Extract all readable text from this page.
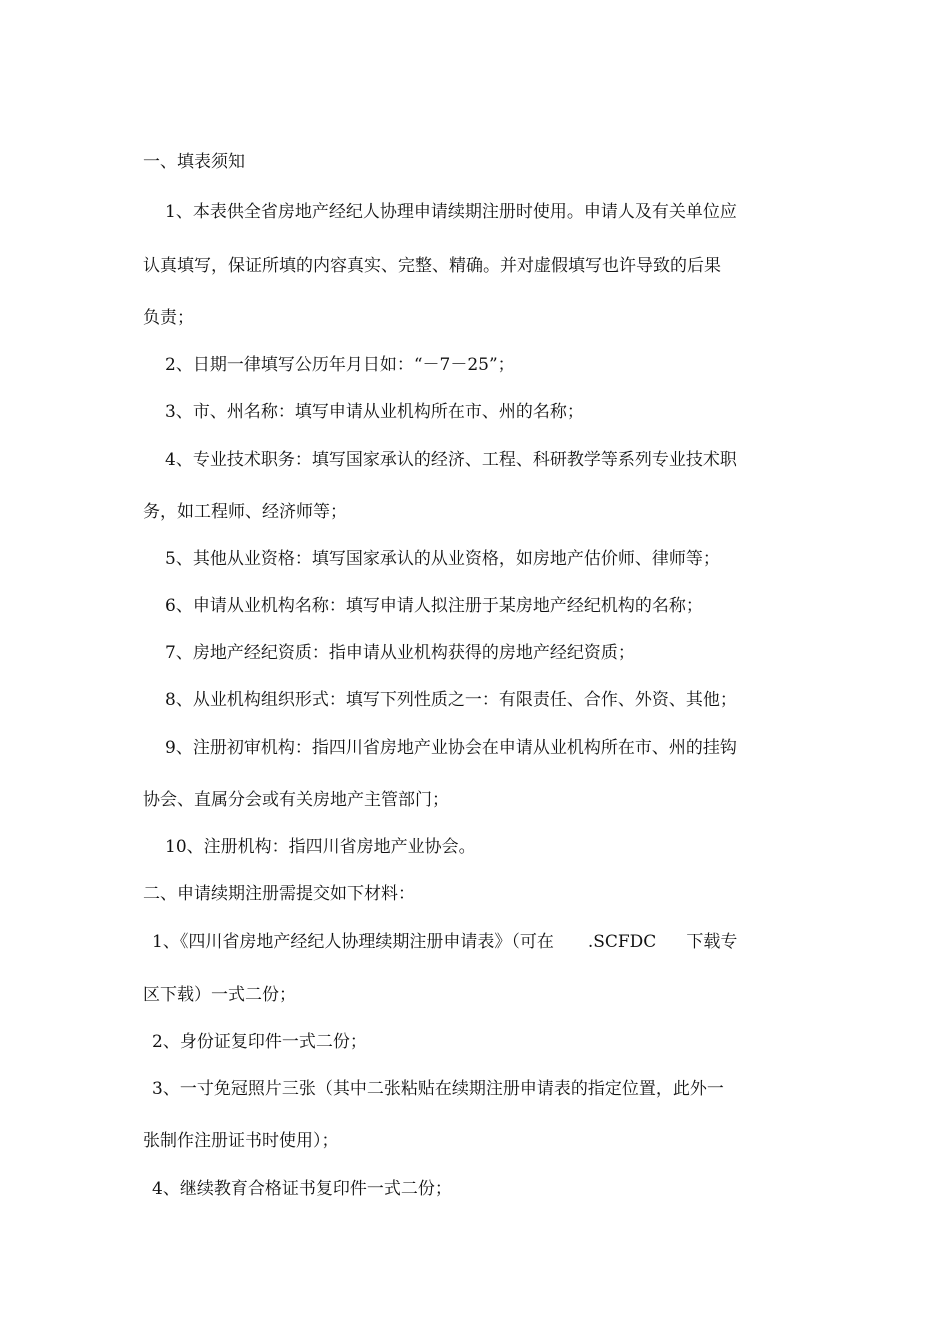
一、填表须知
1、本表供全省房地产经纪人协理申请续期注册时使用。申请人及有关单位应
认真填写，保证所填的内容真实、完整、精确。并对虚假填写也许导致的后果
负责；
2、日期一律填写公历年月日如：“－7－25”；
3、市、州名称：填写申请从业机构所在市、州的名称；
4、专业技术职务：填写国家承认的经济、工程、科研教学等系列专业技术职
务，如工程师、经济师等；
5、其他从业资格：填写国家承认的从业资格，如房地产估价师、律师等；
6、申请从业机构名称：填写申请人拟注册于某房地产经纪机构的名称；
7、房地产经纪资质：指申请从业机构获得的房地产经纪资质；
8、从业机构组织形式：填写下列性质之一：有限责任、合作、外资、其他；
9、注册初审机构：指四川省房地产业协会在申请从业机构所在市、州的挂钩
协会、直属分会或有关房地产主管部门；
10、注册机构：指四川省房地产业协会。
二、申请续期注册需提交如下材料：
1、《四川省房地产经纪人协理续期注册申请表》（可在 .SCFDC 下载专
区下载）一式二份；
2、身份证复印件一式二份；
3、一寸免冠照片三张（其中二张粘贴在续期注册申请表的指定位置，此外一
张制作注册证书时使用）；
4、继续教育合格证书复印件一式二份；
